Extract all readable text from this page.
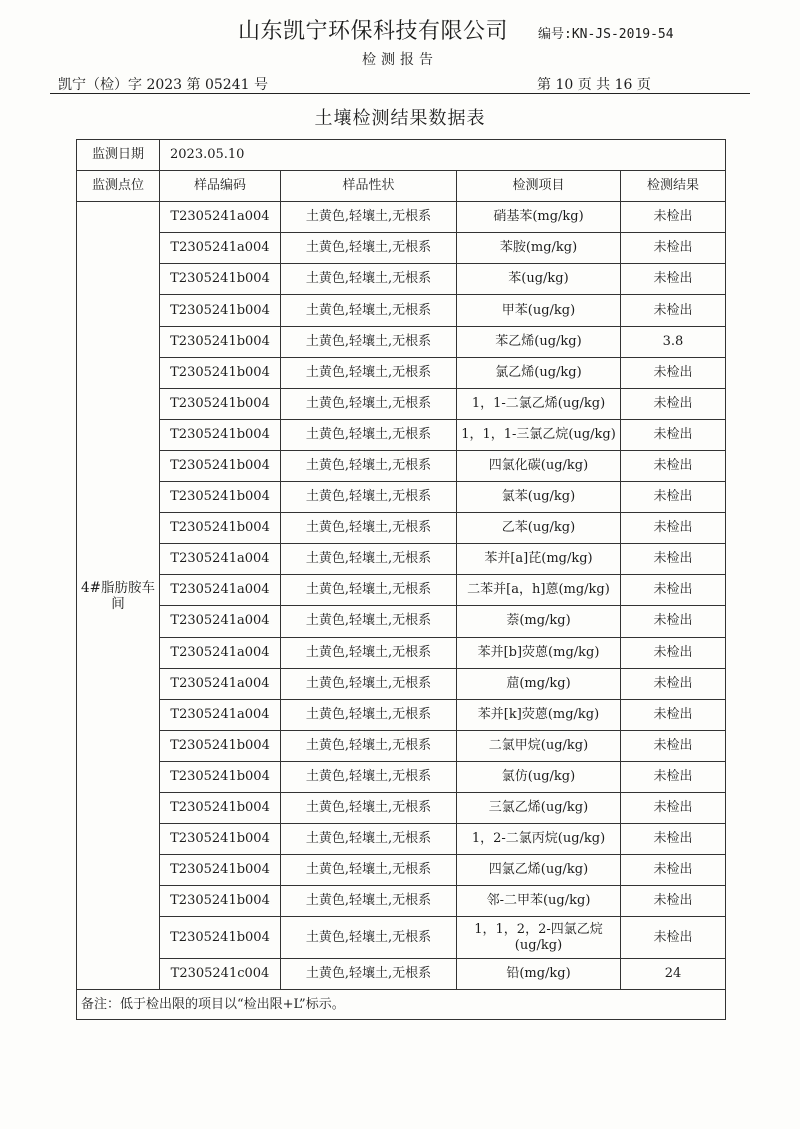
山东凯宁环保科技有限公司 编号:KN-JS-2019-54
检测报告
凯宁（检）字 2023 第 05241 号	第 10 页 共 16 页
土壤检测结果数据表
监测日期	2023.05.10			
监测点位	样品编码	样品性状	检测项目	检测结果
4#脂肪胺车间	T2305241a004	土黄色,轻壤土,无根系	硝基苯(mg/kg)	未检出
	T2305241a004	土黄色,轻壤土,无根系	苯胺(mg/kg)	未检出
	T2305241b004	土黄色,轻壤土,无根系	苯(ug/kg)	未检出
	T2305241b004	土黄色,轻壤土,无根系	甲苯(ug/kg)	未检出
	T2305241b004	土黄色,轻壤土,无根系	苯乙烯(ug/kg)	3.8
	T2305241b004	土黄色,轻壤土,无根系	氯乙烯(ug/kg)	未检出
	T2305241b004	土黄色,轻壤土,无根系	1，1-二氯乙烯(ug/kg)	未检出
	T2305241b004	土黄色,轻壤土,无根系	1，1，1-三氯乙烷(ug/kg)	未检出
	T2305241b004	土黄色,轻壤土,无根系	四氯化碳(ug/kg)	未检出
	T2305241b004	土黄色,轻壤土,无根系	氯苯(ug/kg)	未检出
	T2305241b004	土黄色,轻壤土,无根系	乙苯(ug/kg)	未检出
	T2305241a004	土黄色,轻壤土,无根系	苯并[a]芘(mg/kg)	未检出
	T2305241a004	土黄色,轻壤土,无根系	二苯并[a，h]蒽(mg/kg)	未检出
	T2305241a004	土黄色,轻壤土,无根系	萘(mg/kg)	未检出
	T2305241a004	土黄色,轻壤土,无根系	苯并[b]荧蒽(mg/kg)	未检出
	T2305241a004	土黄色,轻壤土,无根系	䓛(mg/kg)	未检出
	T2305241a004	土黄色,轻壤土,无根系	苯并[k]荧蒽(mg/kg)	未检出
	T2305241b004	土黄色,轻壤土,无根系	二氯甲烷(ug/kg)	未检出
	T2305241b004	土黄色,轻壤土,无根系	氯仿(ug/kg)	未检出
	T2305241b004	土黄色,轻壤土,无根系	三氯乙烯(ug/kg)	未检出
	T2305241b004	土黄色,轻壤土,无根系	1，2-二氯丙烷(ug/kg)	未检出
	T2305241b004	土黄色,轻壤土,无根系	四氯乙烯(ug/kg)	未检出
	T2305241b004	土黄色,轻壤土,无根系	邻-二甲苯(ug/kg)	未检出
	T2305241b004	土黄色,轻壤土,无根系	1，1，2，2-四氯乙烷(ug/kg)	未检出
	T2305241c004	土黄色,轻壤土,无根系	铅(mg/kg)	24
备注：低于检出限的项目以“检出限+L”标示。				
